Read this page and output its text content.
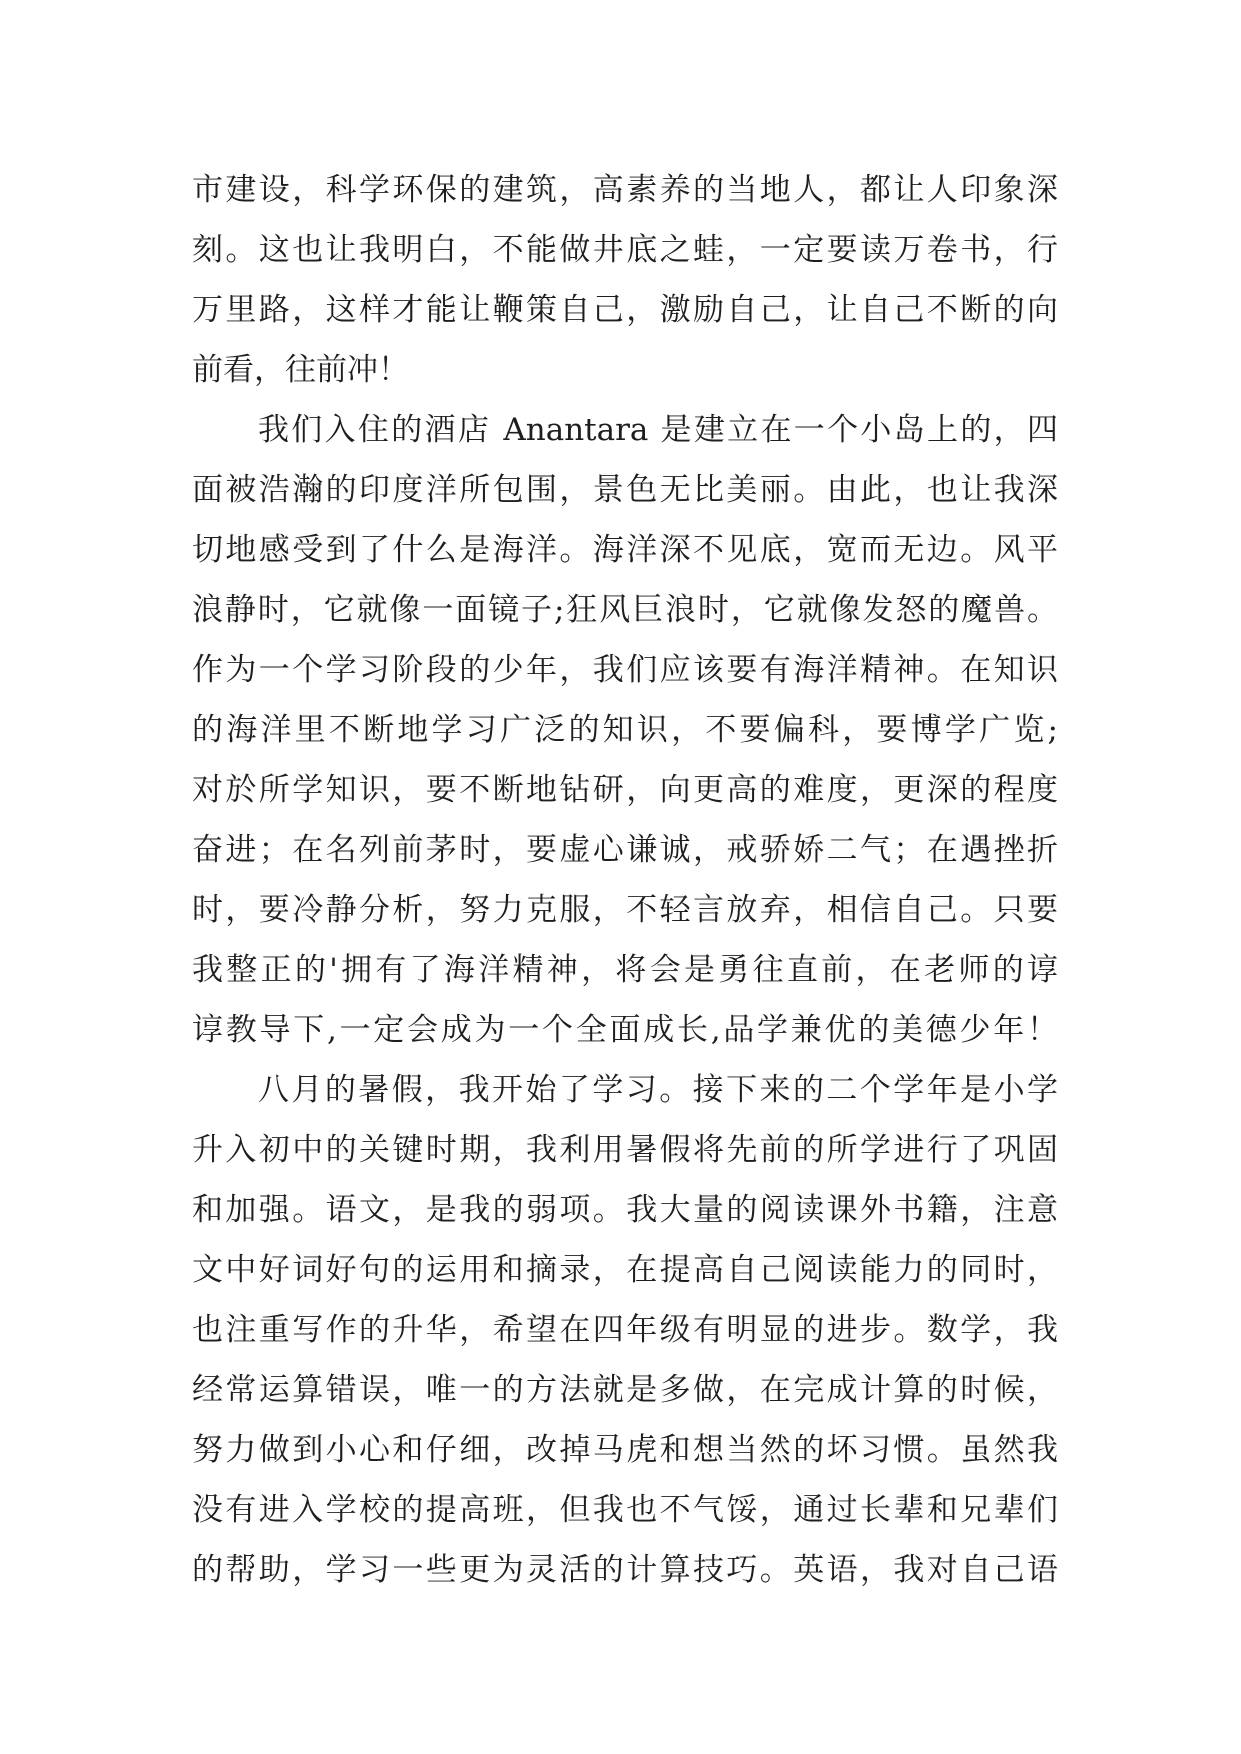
市建设，科学环保的建筑，高素养的当地人，都让人印象深
刻。这也让我明白，不能做井底之蛙，一定要读万卷书，行
万里路，这样才能让鞭策自己，激励自己，让自己不断的向
前看，往前冲！
我们入住的酒店 Anantara 是建立在一个小岛上的，四
面被浩瀚的印度洋所包围，景色无比美丽。由此，也让我深
切地感受到了什么是海洋。海洋深不见底，宽而无边。风平
浪静时，它就像一面镜子;狂风巨浪时，它就像发怒的魔兽。
作为一个学习阶段的少年，我们应该要有海洋精神。在知识
的海洋里不断地学习广泛的知识，不要偏科，要博学广览;
对於所学知识，要不断地钻研，向更高的难度，更深的程度
奋进；在名列前茅时，要虚心谦诚，戒骄娇二气；在遇挫折
时，要冷静分析，努力克服，不轻言放弃，相信自己。只要
我整正的'拥有了海洋精神，将会是勇往直前，在老师的谆
谆教导下,一定会成为一个全面成长,品学兼优的美德少年！
八月的暑假，我开始了学习。接下来的二个学年是小学
升入初中的关键时期，我利用暑假将先前的所学进行了巩固
和加强。语文，是我的弱项。我大量的阅读课外书籍，注意
文中好词好句的运用和摘录，在提高自己阅读能力的同时，
也注重写作的升华，希望在四年级有明显的进步。数学，我
经常运算错误，唯一的方法就是多做，在完成计算的时候，
努力做到小心和仔细，改掉马虎和想当然的坏习惯。虽然我
没有进入学校的提高班，但我也不气馁，通过长辈和兄辈们
的帮助，学习一些更为灵活的计算技巧。英语，我对自己语
